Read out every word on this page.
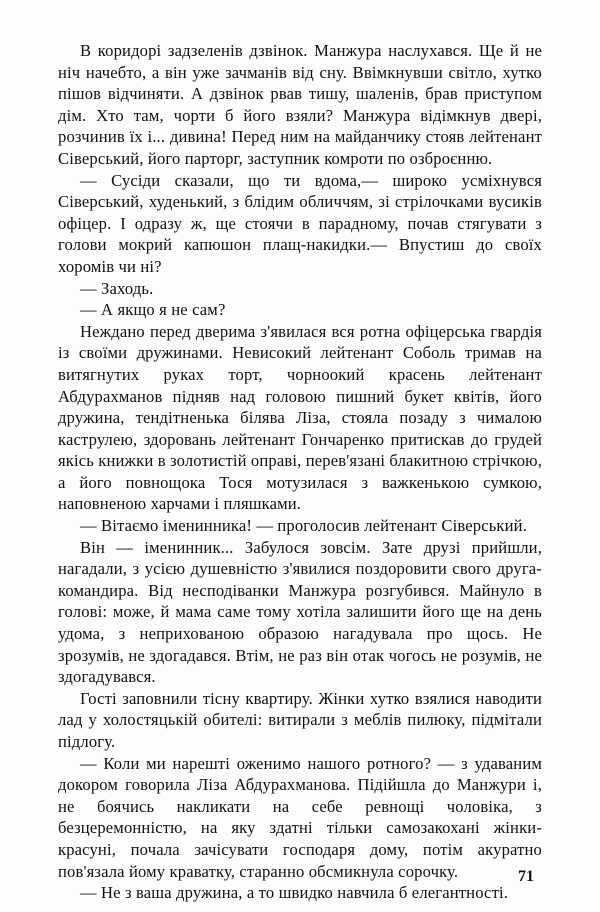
В коридорі задзеленів дзвінок. Манжура наслухався. Ще й не ніч начебто, а він уже зачманів від сну. Ввімкнувши світло, хутко пішов відчиняти. А дзвінок рвав тишу, шаленів, брав приступом дім. Хто там, чорти б його взяли? Манжура відімкнув двері, розчинив їх і... дивина! Перед ним на майданчику стояв лейтенант Сіверський, його парторг, заступник комроти по озброєнню.

— Сусіди сказали, що ти вдома,— широко усміхнувся Сіверський, худенький, з блідим обличчям, зі стрілочками вусиків офіцер. І одразу ж, ще стоячи в парадному, почав стягувати з голови мокрий капюшон плащ-накидки.— Впустиш до своїх хоромів чи ні?

— Заходь.

— А якщо я не сам?

Нежданo перед дверима з'явилася вся ротна офіцерська гвардія із своїми дружинами. Невисокий лейтенант Соболь тримав на витягнутих руках торт, чорноокий красень лейтенант Абдурахманов підняв над головою пишний букет квітів, його дружина, тендітненька білява Ліза, стояла позаду з чималою каструлею, здоровань лейтенант Гончаренко притискав до грудей якісь книжки в золотистій оправі, перев'язані блакитною стрічкою, а його повнощока Тося мотузилася з важкенькою сумкою, наповненою харчами і пляшками.

— Вітаємо іменинника! — проголосив лейтенант Сіверський.

Він — іменинник... Забулося зовсім. Зате друзі прийшли, нагадали, з усією душевністю з'явилися поздоровити свого друга-командира. Від несподіванки Манжура розгубився. Майнуло в голові: може, й мама саме тому хотіла залишити його ще на день удома, з неприхованою образою нагадувала про щось. Не зрозумів, не здогадався. Втім, не раз він отак чогось не розумів, не здогадувався.

Гості заповнили тісну квартиру. Жінки хутко взялися наводити лад у холостяцькій обителі: витирали з меблів пилюку, підмітали підлогу.

— Коли ми нарешті оженимо нашого ротного? — з удаваним докором говорила Ліза Абдурахманова. Підійшла до Манжури і, не боячись накликати на себе ревнощі чоловіка, з безцеремонністю, на яку здатні тільки самозакохані жінки-красуні, почала зачісувати господаря дому, потім акуратно пов'язала йому краватку, старанно обсмикнула сорочку.

— Не з ваша дружина, а то швидко навчила б елегантності.

71
